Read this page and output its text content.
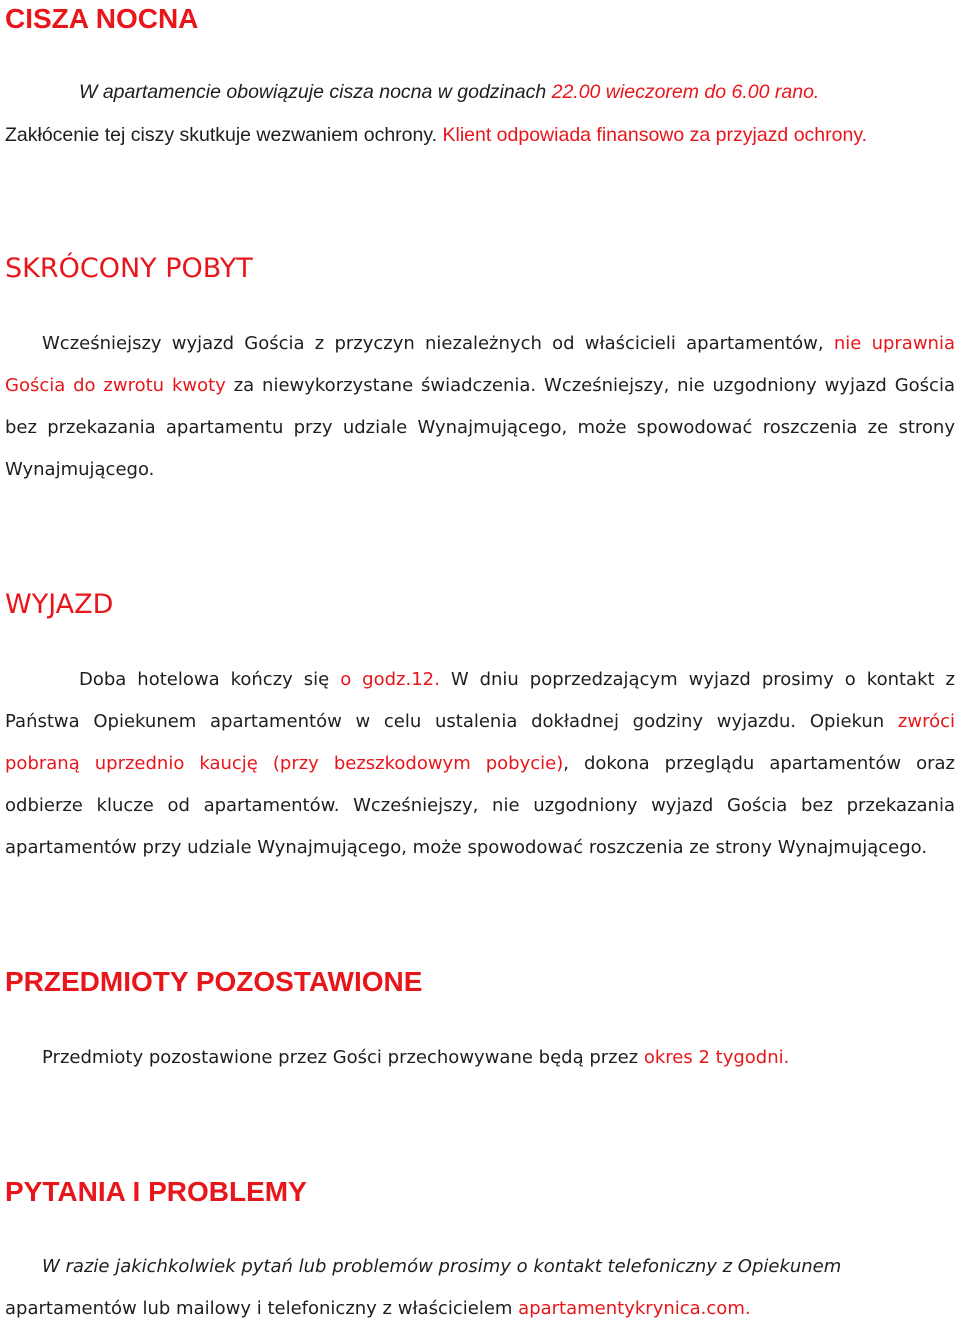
CISZA NOCNA

W apartamencie obowiązuje cisza nocna w godzinach 22.00 wieczorem do 6.00 rano.
Zakłócenie tej ciszy skutkuje wezwaniem ochrony. Klient odpowiada finansowo za przyjazd ochrony.

SKRÓCONY POBYT

Wcześniejszy wyjazd Gościa z przyczyn niezależnych od właścicieli apartamentów, nie uprawnia Gościa do zwrotu kwoty za niewykorzystane świadczenia. Wcześniejszy, nie uzgodniony wyjazd Gościa bez przekazania apartamentu przy udziale Wynajmującego, może spowodować roszczenia ze strony Wynajmującego.

WYJAZD

Doba hotelowa kończy się o godz.12. W dniu poprzedzającym wyjazd prosimy o kontakt z Państwa Opiekunem apartamentów w celu ustalenia dokładnej godziny wyjazdu. Opiekun zwróci pobraną uprzednio kaucję (przy bezszkodowym pobycie), dokona przeglądu apartamentów oraz odbierze klucze od apartamentów. Wcześniejszy, nie uzgodniony wyjazd Gościa bez przekazania apartamentów przy udziale Wynajmującego, może spowodować roszczenia ze strony Wynajmującego.

PRZEDMIOTY POZOSTAWIONE

Przedmioty pozostawione przez Gości przechowywane będą przez okres 2 tygodni.

PYTANIA I PROBLEMY

W razie jakichkolwiek pytań lub problemów prosimy o kontakt telefoniczny z Opiekunem
apartamentów lub mailowy i telefoniczny z właścicielem apartamentykrynica.com.
